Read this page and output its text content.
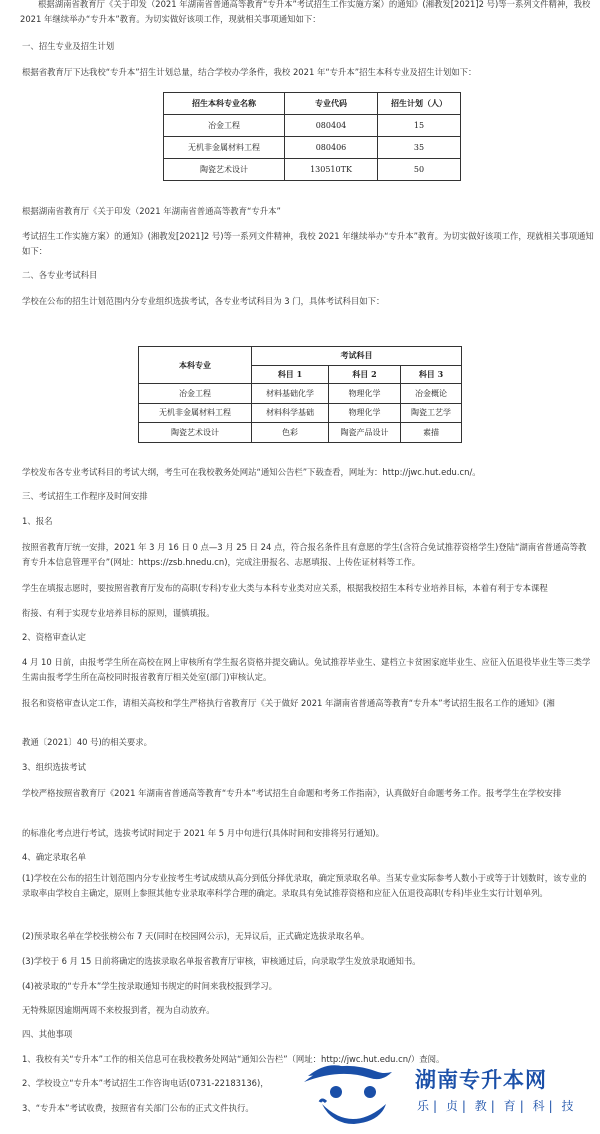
根据湖南省教育厅《关于印发（2021 年湖南省普通高等教育“专升本”考试招生工作实施方案）的通知》(湘教发[2021]2 号)等一系列文件精神，我校 2021 年继续举办“专升本”教育。为切实做好该项工作，现就相关事项通知如下：

一、招生专业及招生计划

根据省教育厅下达我校“专升本”招生计划总量，结合学校办学条件，我校 2021 年“专升本”招生本科专业及招生计划如下：

招生本科专业名称	专业代码	招生计划（人）
冶金工程	080404	15
无机非金属材料工程	080406	35
陶瓷艺术设计	130510TK	50

根据湖南省教育厅《关于印发（2021 年湖南省普通高等教育“专升本”

考试招生工作实施方案）的通知》(湘教发[2021]2 号)等一系列文件精神，我校 2021 年继续举办“专升本”教育。为切实做好该项工作，现就相关事项通知如下：

二、各专业考试科目

学校在公布的招生计划范围内分专业组织选拔考试，各专业考试科目为 3 门，具体考试科目如下：

本科专业	考试科目		
	科目 1	科目 2	科目 3
冶金工程	材料基础化学	物理化学	冶金概论
无机非金属材料工程	材料科学基础	物理化学	陶瓷工艺学
陶瓷艺术设计	色彩	陶瓷产品设计	素描

学校发布各专业考试科目的考试大纲，考生可在我校教务处网站“通知公告栏”下载查看，网址为：http://jwc.hut.edu.cn/。

三、考试招生工作程序及时间安排

1、报名

按照省教育厅统一安排，2021 年 3 月 16 日 0 点—3 月 25 日 24 点，符合报名条件且有意愿的学生(含符合免试推荐资格学生)登陆“湖南省普通高等教育专升本信息管理平台”(网址：https://zsb.hnedu.cn)，完成注册报名、志愿填报、上传佐证材料等工作。

学生在填报志愿时，要按照省教育厅发布的高职(专科)专业大类与本科专业类对应关系，根据我校招生本科专业培养目标，本着有利于专本课程

衔接、有利于实现专业培养目标的原则，谨慎填报。

2、资格审查认定

4 月 10 日前，由报考学生所在高校在网上审核所有学生报名资格并提交确认。免试推荐毕业生、建档立卡贫困家庭毕业生、应征入伍退役毕业生等三类学生需由报考学生所在高校同时报省教育厅相关处室(部门)审核认定。

报名和资格审查认定工作，请相关高校和学生严格执行省教育厅《关于做好 2021 年湖南省普通高等教育“专升本”考试招生报名工作的通知》(湘

教通〔2021〕40 号)的相关要求。

3、组织选拔考试

学校严格按照省教育厅《2021 年湖南省普通高等教育“专升本”考试招生自命题和考务工作指南》，认真做好自命题考务工作。报考学生在学校安排

的标准化考点进行考试，选拔考试时间定于 2021 年 5 月中旬进行(具体时间和安排将另行通知)。

4、确定录取名单

(1)学校在公布的招生计划范围内分专业按考生考试成绩从高分到低分择优录取，确定预录取名单。当某专业实际参考人数小于或等于计划数时，该专业的录取率由学校自主确定，原则上参照其他专业录取率科学合理的确定。录取具有免试推荐资格和应征入伍退役高职(专科)毕业生实行计划单列。

(2)预录取名单在学校张榜公布 7 天(同时在校园网公示)，无异议后，正式确定选拔录取名单。

(3)学校于 6 月 15 日前将确定的选拔录取名单报省教育厅审核，审核通过后，向录取学生发放录取通知书。

(4)被录取的“专升本”学生按录取通知书规定的时间来我校报到学习。

无特殊原因逾期两周不来校报到者，视为自动放弃。

四、其他事项

1、我校有关“专升本”工作的相关信息可在我校教务处网站“通知公告栏”（网址：http://jwc.hut.edu.cn/）查阅。

2、学校设立“专升本”考试招生工作咨询电话(0731-22183136)，

3、“专升本”考试收费，按照省有关部门公布的正式文件执行。

湖南专升本网
乐 | 贞 | 教 | 育 | 科 | 技
